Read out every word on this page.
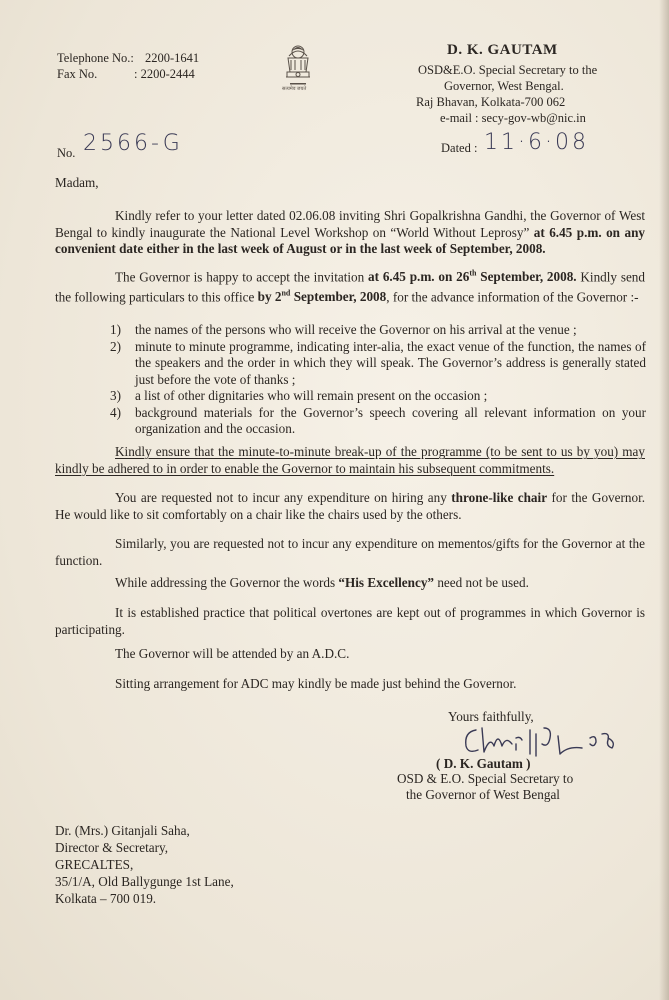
Telephone No.: 2200-1641
Fax No.	: 2200-2444
सत्यमेव जयते
D. K. GAUTAM
OSD&E.O. Special Secretary to the
Governor, West Bengal.
Raj Bhavan, Kolkata-700 062
e-mail : secy-gov-wb@nic.in
No. 2566-G	Dated : 11·6·08
Madam,
Kindly refer to your letter dated 02.06.08 inviting Shri Gopalkrishna Gandhi, the Governor of West Bengal to kindly inaugurate the National Level Workshop on “World Without Leprosy” at 6.45 p.m. on any convenient date either in the last week of August or in the last week of September, 2008.
The Governor is happy to accept the invitation at 6.45 p.m. on 26th September, 2008. Kindly send the following particulars to this office by 2nd September, 2008, for the advance information of the Governor :-
1) the names of the persons who will receive the Governor on his arrival at the venue ;
2) minute to minute programme, indicating inter-alia, the exact venue of the function, the names of the speakers and the order in which they will speak. The Governor’s address is generally stated just before the vote of thanks ;
3) a list of other dignitaries who will remain present on the occasion ;
4) background materials for the Governor’s speech covering all relevant information on your organization and the occasion.
Kindly ensure that the minute-to-minute break-up of the programme (to be sent to us by you) may kindly be adhered to in order to enable the Governor to maintain his subsequent commitments.
You are requested not to incur any expenditure on hiring any throne-like chair for the Governor. He would like to sit comfortably on a chair like the chairs used by the others.
Similarly, you are requested not to incur any expenditure on mementos/gifts for the Governor at the function.
While addressing the Governor the words “His Excellency” need not be used.
It is established practice that political overtones are kept out of programmes in which Governor is participating.
The Governor will be attended by an A.D.C.
Sitting arrangement for ADC may kindly be made just behind the Governor.
Yours faithfully,
( D. K. Gautam )
OSD & E.O. Special Secretary to
the Governor of West Bengal
Dr. (Mrs.) Gitanjali Saha,
Director & Secretary,
GRECALTES,
35/1/A, Old Ballygunge 1st Lane,
Kolkata – 700 019.
